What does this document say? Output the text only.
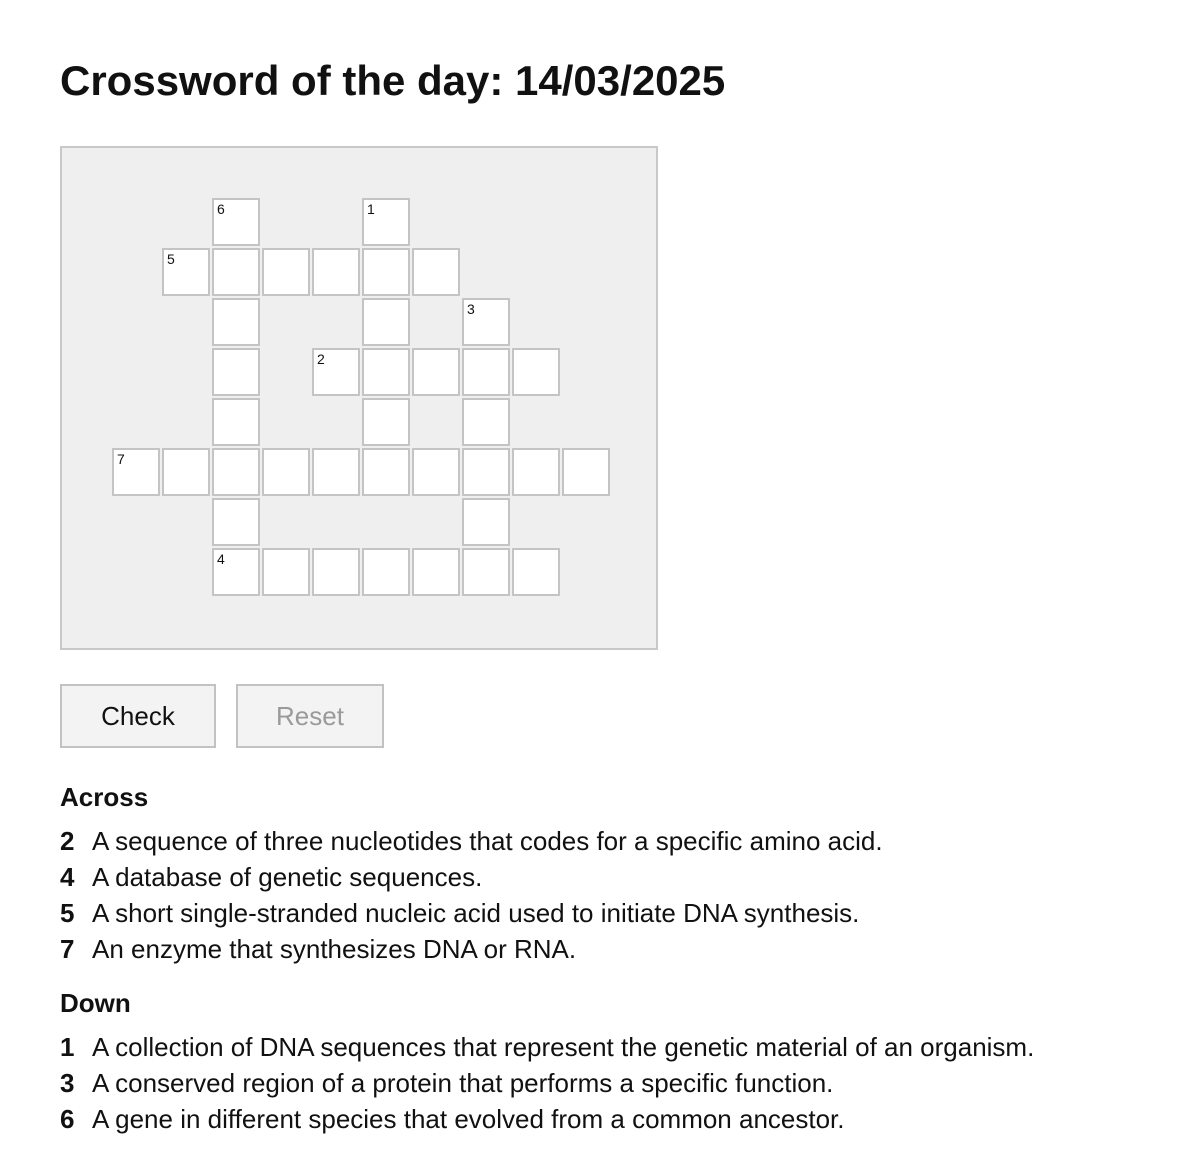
Crossword of the day: 14/03/2025
1
2
3
4
5
6
7
Check	Reset
Across
2 A sequence of three nucleotides that codes for a specific amino acid.
4 A database of genetic sequences.
5 A short single-stranded nucleic acid used to initiate DNA synthesis.
7 An enzyme that synthesizes DNA or RNA.
Down
1 A collection of DNA sequences that represent the genetic material of an organism.
3 A conserved region of a protein that performs a specific function.
6 A gene in different species that evolved from a common ancestor.
